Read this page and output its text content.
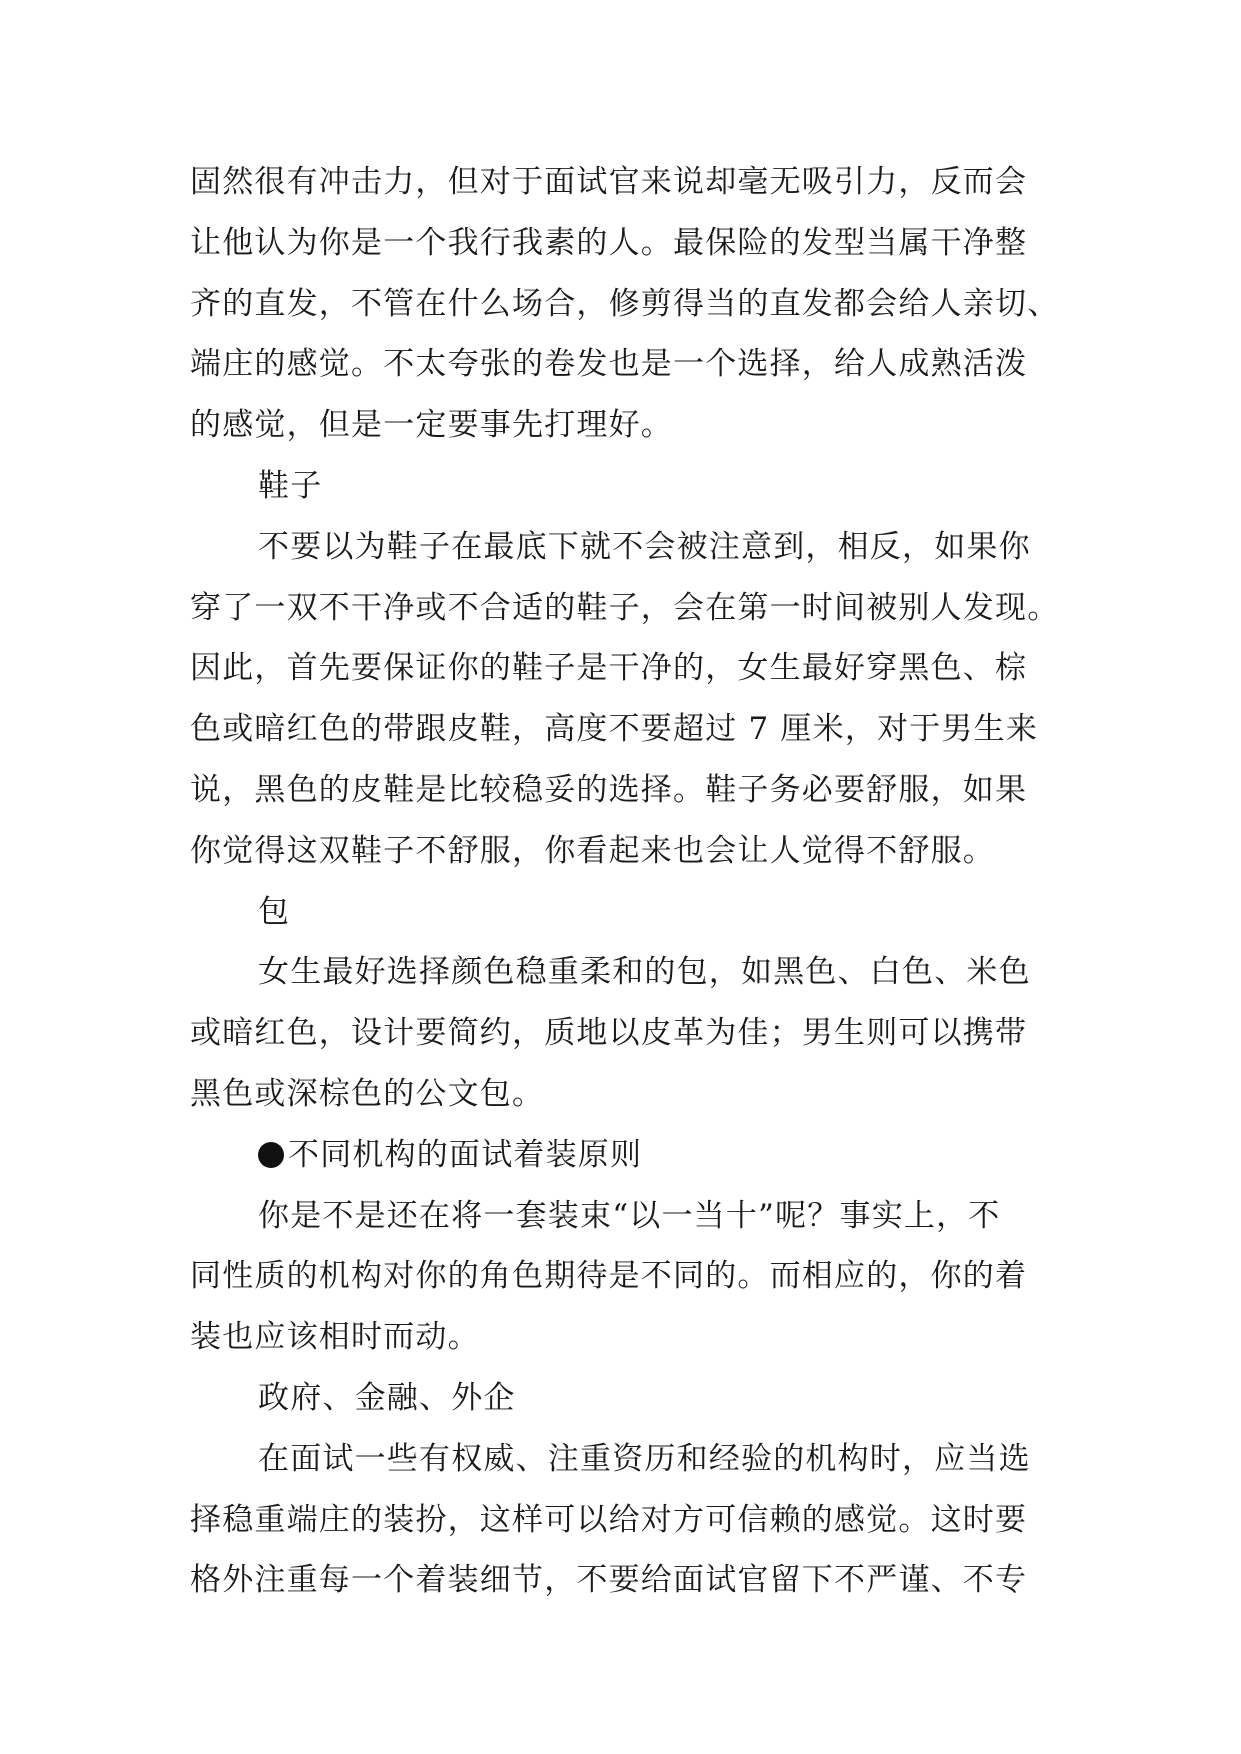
固然很有冲击力，但对于面试官来说却毫无吸引力，反而会
让他认为你是一个我行我素的人。最保险的发型当属干净整
齐的直发，不管在什么场合，修剪得当的直发都会给人亲切、
端庄的感觉。不太夸张的卷发也是一个选择，给人成熟活泼
的感觉，但是一定要事先打理好。
鞋子
不要以为鞋子在最底下就不会被注意到，相反，如果你
穿了一双不干净或不合适的鞋子，会在第一时间被别人发现。
因此，首先要保证你的鞋子是干净的，女生最好穿黑色、棕
色或暗红色的带跟皮鞋，高度不要超过 7 厘米，对于男生来
说，黑色的皮鞋是比较稳妥的选择。鞋子务必要舒服，如果
你觉得这双鞋子不舒服，你看起来也会让人觉得不舒服。
包
女生最好选择颜色稳重柔和的包，如黑色、白色、米色
或暗红色，设计要简约，质地以皮革为佳；男生则可以携带
黑色或深棕色的公文包。
不同机构的面试着装原则
你是不是还在将一套装束“以一当十”呢？事实上，不
同性质的机构对你的角色期待是不同的。而相应的，你的着
装也应该相时而动。
政府、金融、外企
在面试一些有权威、注重资历和经验的机构时，应当选
择稳重端庄的装扮，这样可以给对方可信赖的感觉。这时要
格外注重每一个着装细节，不要给面试官留下不严谨、不专
